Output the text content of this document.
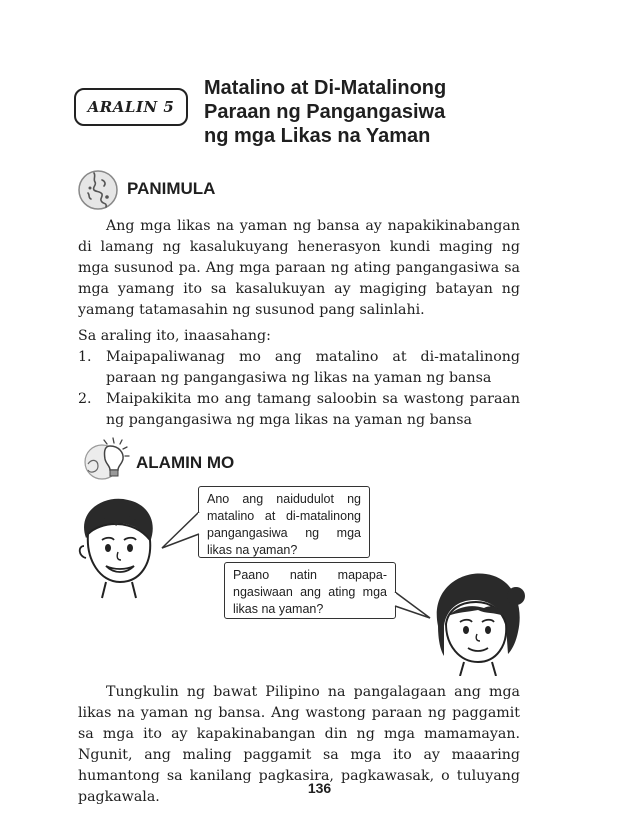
ARALIN 5
Matalino at Di-Matalinong
Paraan ng Pangangasiwa
ng mga Likas na Yaman
PANIMULA

Ang mga likas na yaman ng bansa ay napakikinabangan di lamang ng kasalukuyang henerasyon kundi maging ng mga susunod pa. Ang mga paraan ng ating pangangasiwa sa mga yamang ito sa kasalukuyan ay magiging batayan ng yamang tatamasahin ng susunod pang salinlahi.

Sa araling ito, inaasahang:
1.	Maipapaliwanag mo ang matalino at di-matalinong paraan ng pangangasiwa ng likas na yaman ng bansa
2.	Maipakikita mo ang tamang saloobin sa wastong paraan ng pangangasiwa ng mga likas na yaman ng bansa
ALAMIN MO
Ano ang naidudulot ng matalino at di-matalinong pangangasiwa ng mga likas na yaman?
Paano natin mapapa-ngasiwaan ang ating mga likas na yaman?

Tungkulin ng bawat Pilipino na pangalagaan ang mga likas na yaman ng bansa. Ang wastong paraan ng paggamit sa mga ito ay kapakinabangan din ng mga mamamayan. Ngunit, ang maling paggamit sa mga ito ay maaaring humantong sa kanilang pagkasira, pagkawasak, o tuluyang pagkawala.

136
